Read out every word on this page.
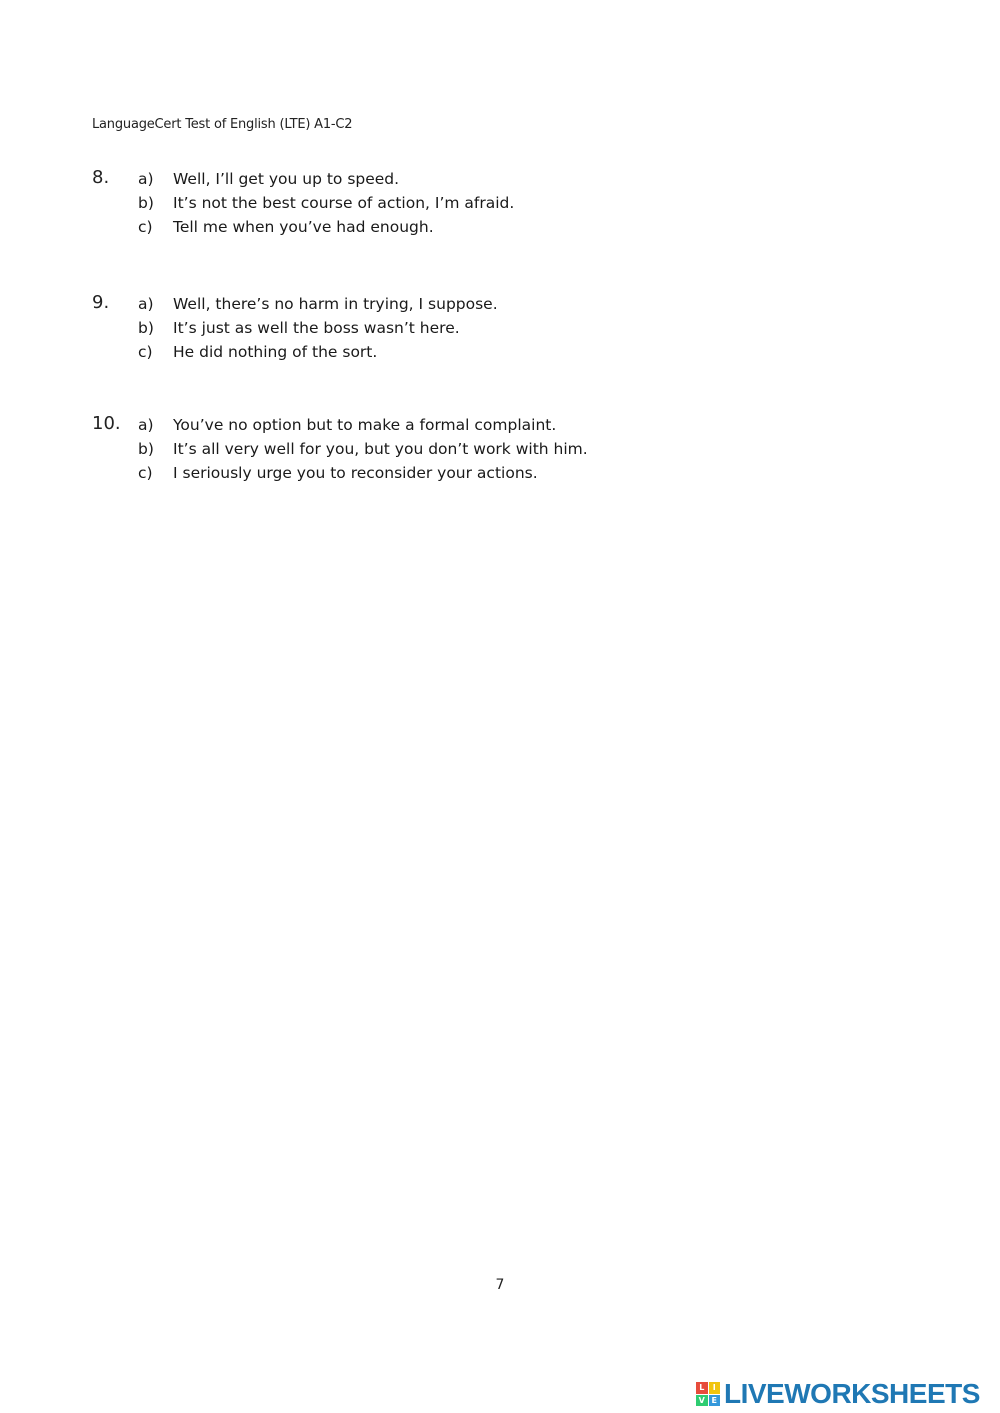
LanguageCert Test of English (LTE) A1-C2
8. a)	Well, I’ll get you up to speed.
b)	It’s not the best course of action, I’m afraid.
c)	Tell me when you’ve had enough.
9. a)	Well, there’s no harm in trying, I suppose.
b)	It’s just as well the boss wasn’t here.
c)	He did nothing of the sort.
10. a)	You’ve no option but to make a formal complaint.
b)	It’s all very well for you, but you don’t work with him.
c)	I seriously urge you to reconsider your actions.
7
L	I
V E LIVEWORKSHEETS
